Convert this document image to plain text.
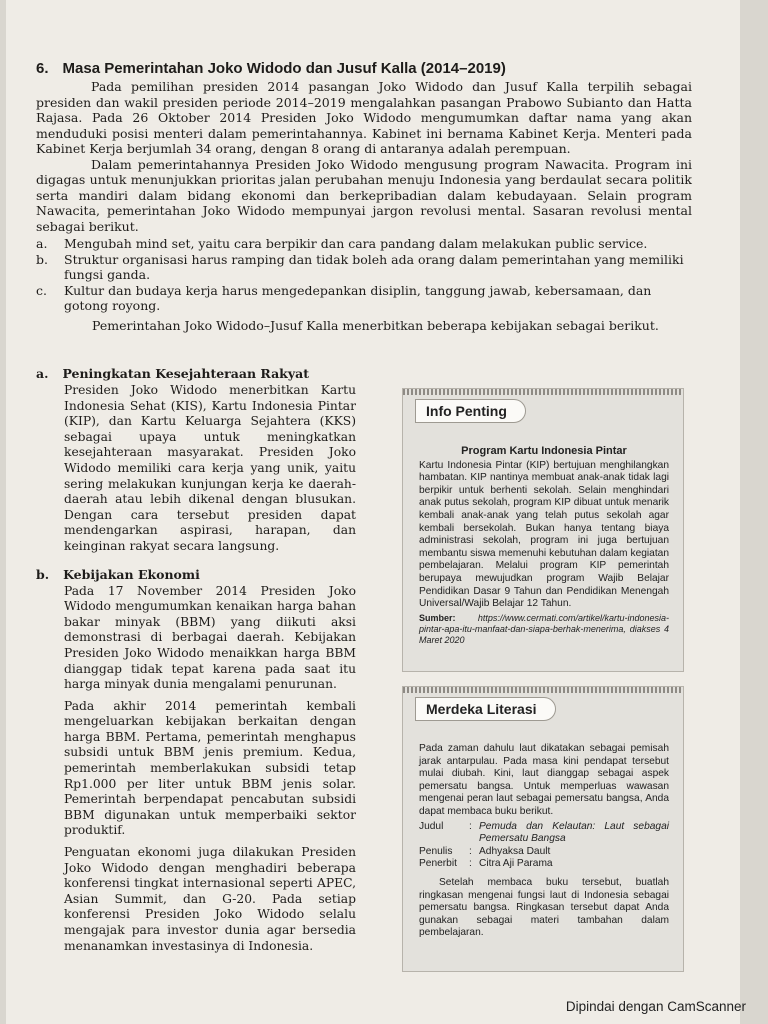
6. Masa Pemerintahan Joko Widodo dan Jusuf Kalla (2014–2019)

Pada pemilihan presiden 2014 pasangan Joko Widodo dan Jusuf Kalla terpilih sebagai presiden dan wakil presiden periode 2014–2019 mengalahkan pasangan Prabowo Subianto dan Hatta Rajasa. Pada 26 Oktober 2014 Presiden Joko Widodo mengumumkan daftar nama yang akan menduduki posisi menteri dalam pemerintahannya. Kabinet ini bernama Kabinet Kerja. Menteri pada Kabinet Kerja berjumlah 34 orang, dengan 8 orang di antaranya adalah perempuan.

Dalam pemerintahannya Presiden Joko Widodo mengusung program Nawacita. Program ini digagas untuk menunjukkan prioritas jalan perubahan menuju Indonesia yang berdaulat secara politik serta mandiri dalam bidang ekonomi dan berkepribadian dalam kebudayaan. Selain program Nawacita, pemerintahan Joko Widodo mempunyai jargon revolusi mental. Sasaran revolusi mental sebagai berikut.

a.	Mengubah mind set, yaitu cara berpikir dan cara pandang dalam melakukan public service.
b.	Struktur organisasi harus ramping dan tidak boleh ada orang dalam pemerintahan yang memiliki fungsi ganda.
c.	Kultur dan budaya kerja harus mengedepankan disiplin, tanggung jawab, kebersamaan, dan gotong royong.

Pemerintahan Joko Widodo–Jusuf Kalla menerbitkan beberapa kebijakan sebagai berikut.

a. Peningkatan Kesejahteraan Rakyat

Presiden Joko Widodo menerbitkan Kartu Indonesia Sehat (KIS), Kartu Indonesia Pintar (KIP), dan Kartu Keluarga Sejahtera (KKS) sebagai upaya untuk meningkatkan kesejahteraan masyarakat. Presiden Joko Widodo memiliki cara kerja yang unik, yaitu sering melakukan kunjungan kerja ke daerah-daerah atau lebih dikenal dengan blusukan. Dengan cara tersebut presiden dapat mendengarkan aspirasi, harapan, dan keinginan rakyat secara langsung.

b. Kebijakan Ekonomi

Pada 17 November 2014 Presiden Joko Widodo mengumumkan kenaikan harga bahan bakar minyak (BBM) yang diikuti aksi demonstrasi di berbagai daerah. Kebijakan Presiden Joko Widodo menaikkan harga BBM dianggap tidak tepat karena pada saat itu harga minyak dunia mengalami penurunan.

Pada akhir 2014 pemerintah kembali mengeluarkan kebijakan berkaitan dengan harga BBM. Pertama, pemerintah menghapus subsidi untuk BBM jenis premium. Kedua, pemerintah memberlakukan subsidi tetap Rp1.000 per liter untuk BBM jenis solar. Pemerintah berpendapat pencabutan subsidi BBM digunakan untuk memperbaiki sektor produktif.

Penguatan ekonomi juga dilakukan Presiden Joko Widodo dengan menghadiri beberapa konferensi tingkat internasional seperti APEC, Asian Summit, dan G-20. Pada setiap konferensi Presiden Joko Widodo selalu mengajak para investor dunia agar bersedia menanamkan investasinya di Indonesia.

Info Penting
Program Kartu Indonesia Pintar
Kartu Indonesia Pintar (KIP) bertujuan menghilangkan hambatan. KIP nantinya membuat anak-anak tidak lagi berpikir untuk berhenti sekolah. Selain menghindari anak putus sekolah, program KIP dibuat untuk menarik kembali anak-anak yang telah putus sekolah agar kembali bersekolah. Bukan hanya tentang biaya administrasi sekolah, program ini juga bertujuan membantu siswa memenuhi kebutuhan dalam kegiatan pembelajaran. Melalui program KIP pemerintah berupaya mewujudkan program Wajib Belajar Pendidikan Dasar 9 Tahun dan Pendidikan Menengah Universal/Wajib Belajar 12 Tahun.
Sumber: https://www.cermati.com/artikel/kartu-indonesia-pintar-apa-itu-manfaat-dan-siapa-berhak-menerima, diakses 4 Maret 2020
Merdeka Literasi
Pada zaman dahulu laut dikatakan sebagai pemisah jarak antarpulau. Pada masa kini pendapat tersebut mulai diubah. Kini, laut dianggap sebagai aspek pemersatu bangsa. Untuk memperluas wawasan mengenai peran laut sebagai pemersatu bangsa, Anda dapat membaca buku berikut.
Judul	: Pemuda dan Kelautan: Laut sebagai Pemersatu Bangsa
Penulis	: Adhyaksa Dault
Penerbit	: Citra Aji Parama
Setelah membaca buku tersebut, buatlah ringkasan mengenai fungsi laut di Indonesia sebagai pemersatu bangsa. Ringkasan tersebut dapat Anda gunakan sebagai materi tambahan dalam pembelajaran.
Dipindai dengan CamScanner
